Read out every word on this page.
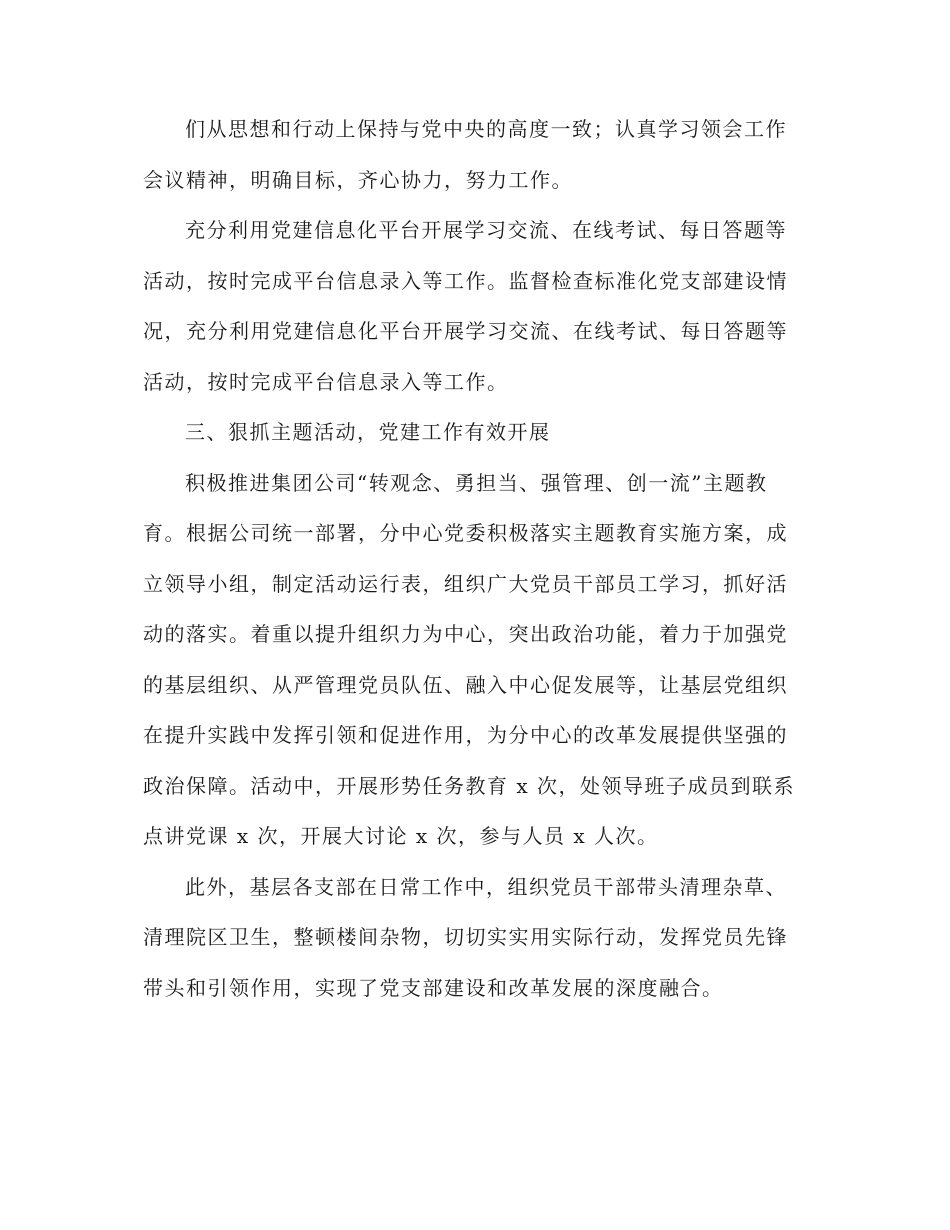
们从思想和行动上保持与党中央的高度一致；认真学习领会工作
会议精神，明确目标，齐心协力，努力工作。
充分利用党建信息化平台开展学习交流、在线考试、每日答题等
活动，按时完成平台信息录入等工作。监督检查标准化党支部建设情
况，充分利用党建信息化平台开展学习交流、在线考试、每日答题等
活动，按时完成平台信息录入等工作。
三、狠抓主题活动，党建工作有效开展
积极推进集团公司“转观念、勇担当、强管理、创一流”主题教
育。根据公司统一部署，分中心党委积极落实主题教育实施方案，成
立领导小组，制定活动运行表，组织广大党员干部员工学习，抓好活
动的落实。着重以提升组织力为中心，突出政治功能，着力于加强党
的基层组织、从严管理党员队伍、融入中心促发展等，让基层党组织
在提升实践中发挥引领和促进作用，为分中心的改革发展提供坚强的
政治保障。活动中，开展形势任务教育 x 次，处领导班子成员到联系
点讲党课 x 次，开展大讨论 x 次，参与人员 x 人次。
此外，基层各支部在日常工作中，组织党员干部带头清理杂草、
清理院区卫生，整顿楼间杂物，切切实实用实际行动，发挥党员先锋
带头和引领作用，实现了党支部建设和改革发展的深度融合。
